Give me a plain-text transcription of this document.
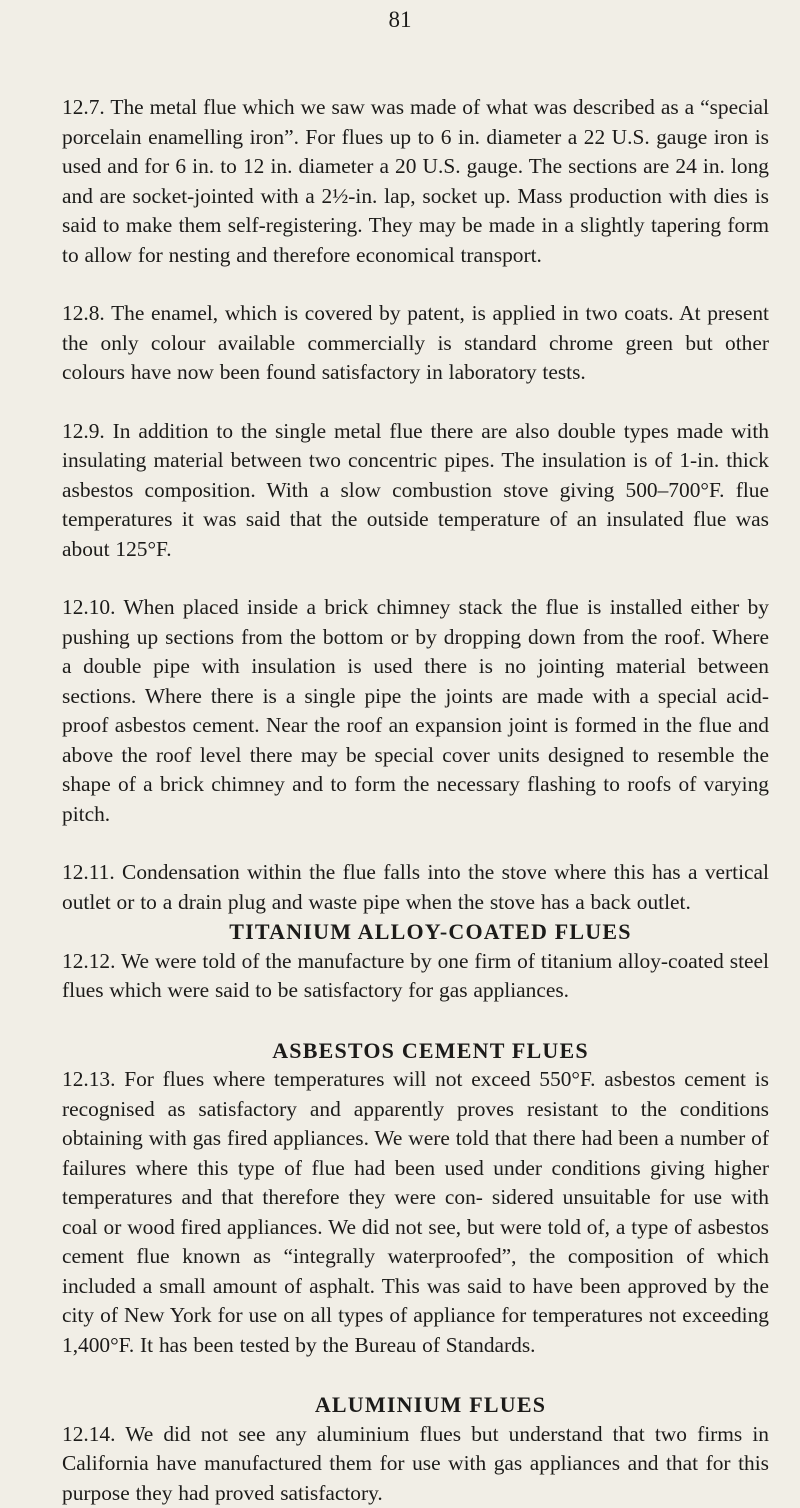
81

12.7. The metal flue which we saw was made of what was described as a “special porcelain enamelling iron”. For flues up to 6 in. diameter a 22 U.S. gauge iron is used and for 6 in. to 12 in. diameter a 20 U.S. gauge. The sections are 24 in. long and are socket-jointed with a 2½-in. lap, socket up. Mass production with dies is said to make them self-registering. They may be made in a slightly tapering form to allow for nesting and therefore economical transport.

12.8. The enamel, which is covered by patent, is applied in two coats. At present the only colour available commercially is standard chrome green but other colours have now been found satisfactory in laboratory tests.

12.9. In addition to the single metal flue there are also double types made with insulating material between two concentric pipes. The insulation is of 1-in. thick asbestos composition. With a slow combustion stove giving 500–700°F. flue temperatures it was said that the outside temperature of an insulated flue was about 125°F.

12.10. When placed inside a brick chimney stack the flue is installed either by pushing up sections from the bottom or by dropping down from the roof. Where a double pipe with insulation is used there is no jointing material between sections. Where there is a single pipe the joints are made with a special acid-proof asbestos cement. Near the roof an expansion joint is formed in the flue and above the roof level there may be special cover units designed to resemble the shape of a brick chimney and to form the necessary flashing to roofs of varying pitch.

12.11. Condensation within the flue falls into the stove where this has a vertical outlet or to a drain plug and waste pipe when the stove has a back outlet.

TITANIUM ALLOY-COATED FLUES

12.12. We were told of the manufacture by one firm of titanium alloy-coated steel flues which were said to be satisfactory for gas appliances.

ASBESTOS CEMENT FLUES

12.13. For flues where temperatures will not exceed 550°F. asbestos cement is recognised as satisfactory and apparently proves resistant to the conditions obtaining with gas fired appliances. We were told that there had been a number of failures where this type of flue had been used under conditions giving higher temperatures and that therefore they were con- sidered unsuitable for use with coal or wood fired appliances. We did not see, but were told of, a type of asbestos cement flue known as “integrally waterproofed”, the composition of which included a small amount of asphalt. This was said to have been approved by the city of New York for use on all types of appliance for temperatures not exceeding 1,400°F. It has been tested by the Bureau of Standards.

ALUMINIUM FLUES

12.14. We did not see any aluminium flues but understand that two firms in California have manufactured them for use with gas appliances and that for this purpose they had proved satisfactory.
